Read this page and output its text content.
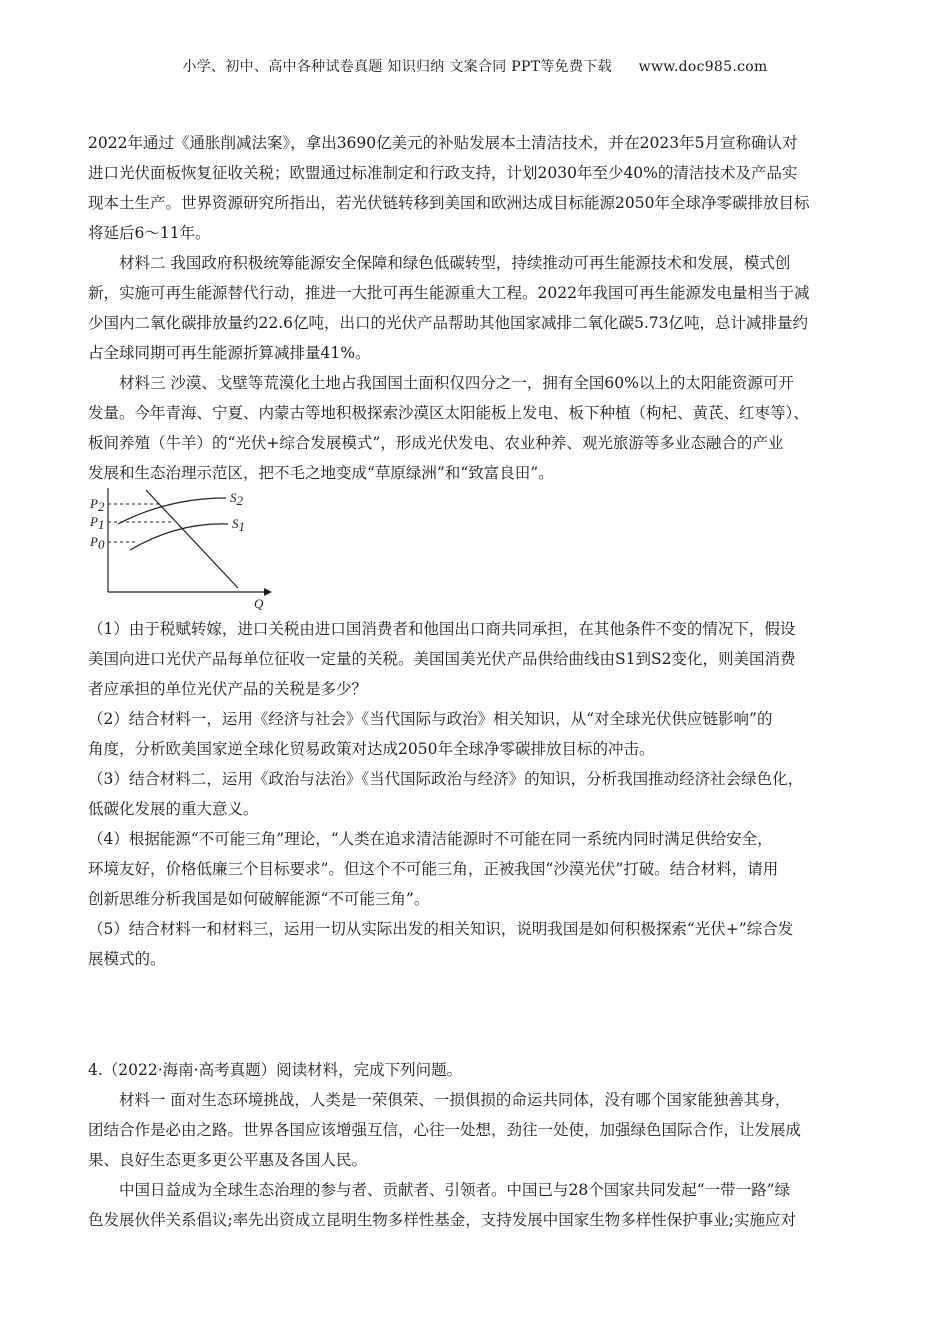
小学、初中、高中各种试卷真题 知识归纳 文案合同 PPT等免费下载 www.doc985.com

2022年通过《通胀削减法案》，拿出3690亿美元的补贴发展本土清洁技术，并在2023年5月宣称确认对

进口光伏面板恢复征收关税；欧盟通过标准制定和行政支持，计划2030年至少40%的清洁技术及产品实

现本土生产。世界资源研究所指出，若光伏链转移到美国和欧洲达成目标能源2050年全球净零碳排放目标

将延后6～11年。

材料二 我国政府积极统筹能源安全保障和绿色低碳转型，持续推动可再生能源技术和发展，模式创

新，实施可再生能源替代行动，推进一大批可再生能源重大工程。2022年我国可再生能源发电量相当于减

少国内二氧化碳排放量约22.6亿吨，出口的光伏产品帮助其他国家减排二氧化碳5.73亿吨，总计减排量约

占全球同期可再生能源折算减排量41%。

材料三 沙漠、戈壁等荒漠化土地占我国国土面积仅四分之一，拥有全国60%以上的太阳能资源可开

发量。今年青海、宁夏、内蒙古等地积极探索沙漠区太阳能板上发电、板下种植（枸杞、黄芪、红枣等）、

板间养殖（牛羊）的“光伏+综合发展模式”，形成光伏发电、农业种养、观光旅游等多业态融合的产业

发展和生态治理示范区，把不毛之地变成“草原绿洲”和“致富良田”。

P2
P1
P0
S2
S1
Q

（1）由于税赋转嫁，进口关税由进口国消费者和他国出口商共同承担，在其他条件不变的情况下，假设

美国向进口光伏产品每单位征收一定量的关税。美国国美光伏产品供给曲线由S1到S2变化，则美国消费

者应承担的单位光伏产品的关税是多少？

（2）结合材料一，运用《经济与社会》《当代国际与政治》相关知识，从“对全球光伏供应链影响”的

角度，分析欧美国家逆全球化贸易政策对达成2050年全球净零碳排放目标的冲击。

（3）结合材料二，运用《政治与法治》《当代国际政治与经济》的知识，分析我国推动经济社会绿色化，

低碳化发展的重大意义。

（4）根据能源“不可能三角”理论，“人类在追求清洁能源时不可能在同一系统内同时满足供给安全，

环境友好，价格低廉三个目标要求”。但这个不可能三角，正被我国“沙漠光伏”打破。结合材料，请用

创新思维分析我国是如何破解能源“不可能三角”。

（5）结合材料一和材料三，运用一切从实际出发的相关知识，说明我国是如何积极探索“光伏+”综合发

展模式的。

4.（2022·海南·高考真题）阅读材料，完成下列问题。

材料一 面对生态环境挑战，人类是一荣俱荣、一损俱损的命运共同体，没有哪个国家能独善其身，

团结合作是必由之路。世界各国应该增强互信，心往一处想，劲往一处使，加强绿色国际合作，让发展成

果、良好生态更多更公平惠及各国人民。

中国日益成为全球生态治理的参与者、贡献者、引领者。中国已与28个国家共同发起“一带一路”绿

色发展伙伴关系倡议;率先出资成立昆明生物多样性基金，支持发展中国家生物多样性保护事业;实施应对
